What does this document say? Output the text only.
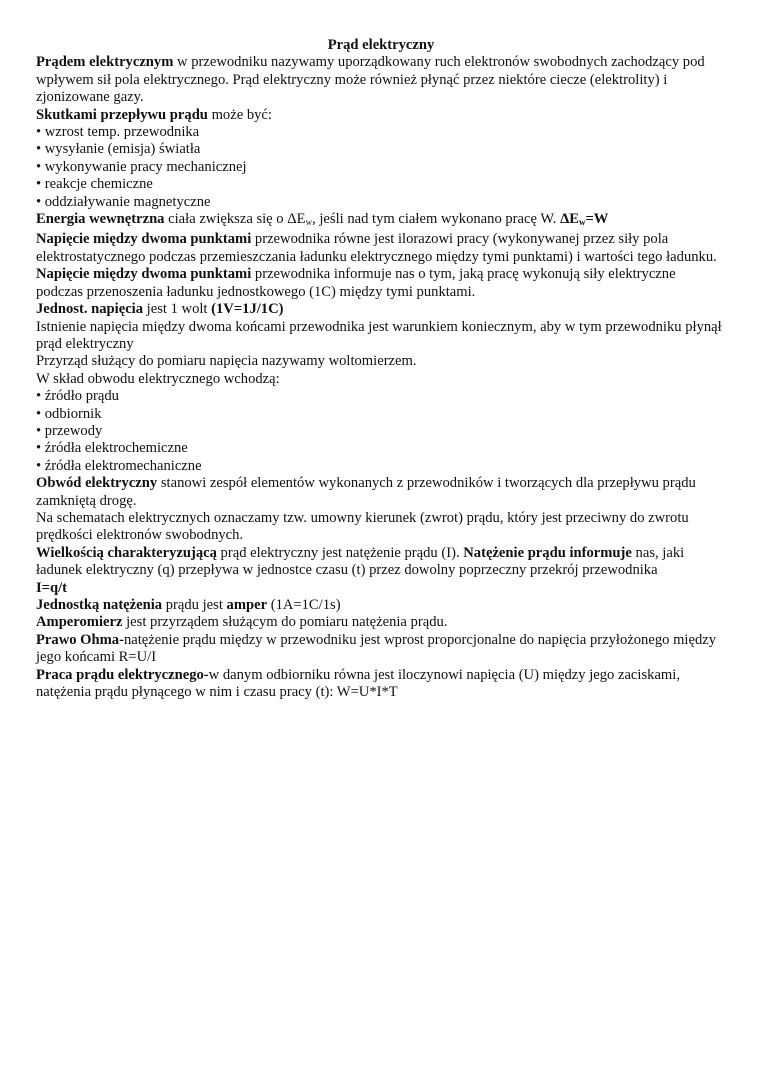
Prąd elektryczny

Prądem elektrycznym w przewodniku nazywamy uporządkowany ruch elektronów swobodnych zachodzący pod wpływem sił pola elektrycznego. Prąd elektryczny może również płynąć przez niektóre ciecze (elektrolity) i zjonizowane gazy.

Skutkami przepływu prądu może być:

• wzrost temp. przewodnika

• wysyłanie (emisja) światła

• wykonywanie pracy mechanicznej

• reakcje chemiczne

• oddziaływanie magnetyczne

Energia wewnętrzna ciała zwiększa się o $\Delta E_w$, jeśli nad tym ciałem wykonano pracę W. ΔEw=W

Napięcie między dwoma punktami przewodnika równe jest ilorazowi pracy (wykonywanej przez siły pola elektrostatycznego podczas przemieszczania ładunku elektrycznego między tymi punktami) i wartości tego ładunku.

Napięcie między dwoma punktami przewodnika informuje nas o tym, jaką pracę wykonują siły elektryczne podczas przenoszenia ładunku jednostkowego (1C) między tymi punktami.

Jednost. napięcia jest 1 wolt (1V=1J/1C)

Istnienie napięcia między dwoma końcami przewodnika jest warunkiem koniecznym, aby w tym przewodniku płynął prąd elektryczny

Przyrząd służący do pomiaru napięcia nazywamy woltomierzem.

W skład obwodu elektrycznego wchodzą:

• źródło prądu

• odbiornik

• przewody

• źródła elektrochemiczne

• źródła elektromechaniczne

Obwód elektryczny stanowi zespół elementów wykonanych z przewodników i tworzących dla przepływu prądu zamkniętą drogę.

Na schematach elektrycznych oznaczamy tzw. umowny kierunek (zwrot) prądu, który jest przeciwny do zwrotu prędkości elektronów swobodnych.

Wielkością charakteryzującą prąd elektryczny jest natężenie prądu (I). Natężenie prądu informuje nas, jaki ładunek elektryczny (q) przepływa w jednostce czasu (t) przez dowolny poprzeczny przekrój przewodnika

I=q/t

Jednostką natężenia prądu jest amper (1A=1C/1s)

Amperomierz jest przyrządem służącym do pomiaru natężenia prądu.

Prawo Ohma-natężenie prądu między w przewodniku jest wprost proporcjonalne do napięcia przyłożonego między jego końcami R=U/I

Praca prądu elektrycznego-w danym odbiorniku równa jest iloczynowi napięcia (U) między jego zaciskami, natężenia prądu płynącego w nim i czasu pracy (t): W=U*I*T
